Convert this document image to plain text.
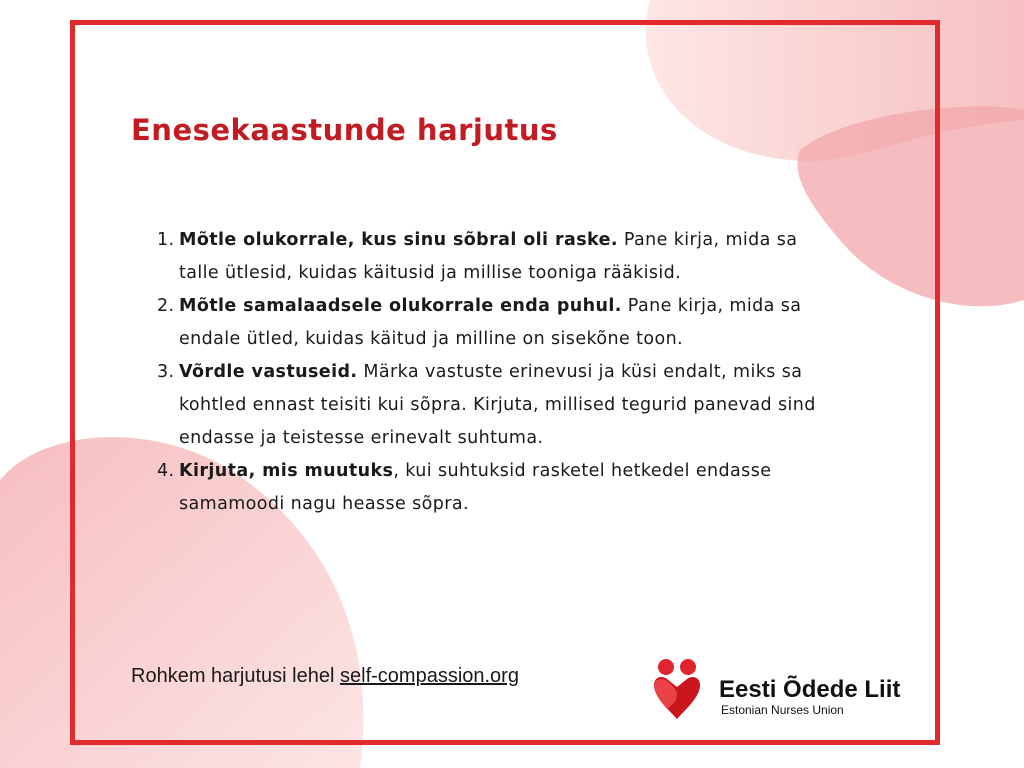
Enesekaastunde harjutus
1. Mõtle olukorrale, kus sinu sõbral oli raske. Pane kirja, mida sa talle ütlesid, kuidas käitusid ja millise tooniga rääkisid.
2. Mõtle samalaadsele olukorrale enda puhul. Pane kirja, mida sa endale ütled, kuidas käitud ja milline on sisekõne toon.
3. Võrdle vastuseid. Märka vastuste erinevusi ja küsi endalt, miks sa kohtled ennast teisiti kui sõpra. Kirjuta, millised tegurid panevad sind endasse ja teistesse erinevalt suhtuma.
4. Kirjuta, mis muutuks, kui suhtuksid rasketel hetkedel endasse samamoodi nagu heasse sõpra.
Rohkem harjutusi lehel self-compassion.org	Eesti Õdede Liit
Estonian Nurses Union
